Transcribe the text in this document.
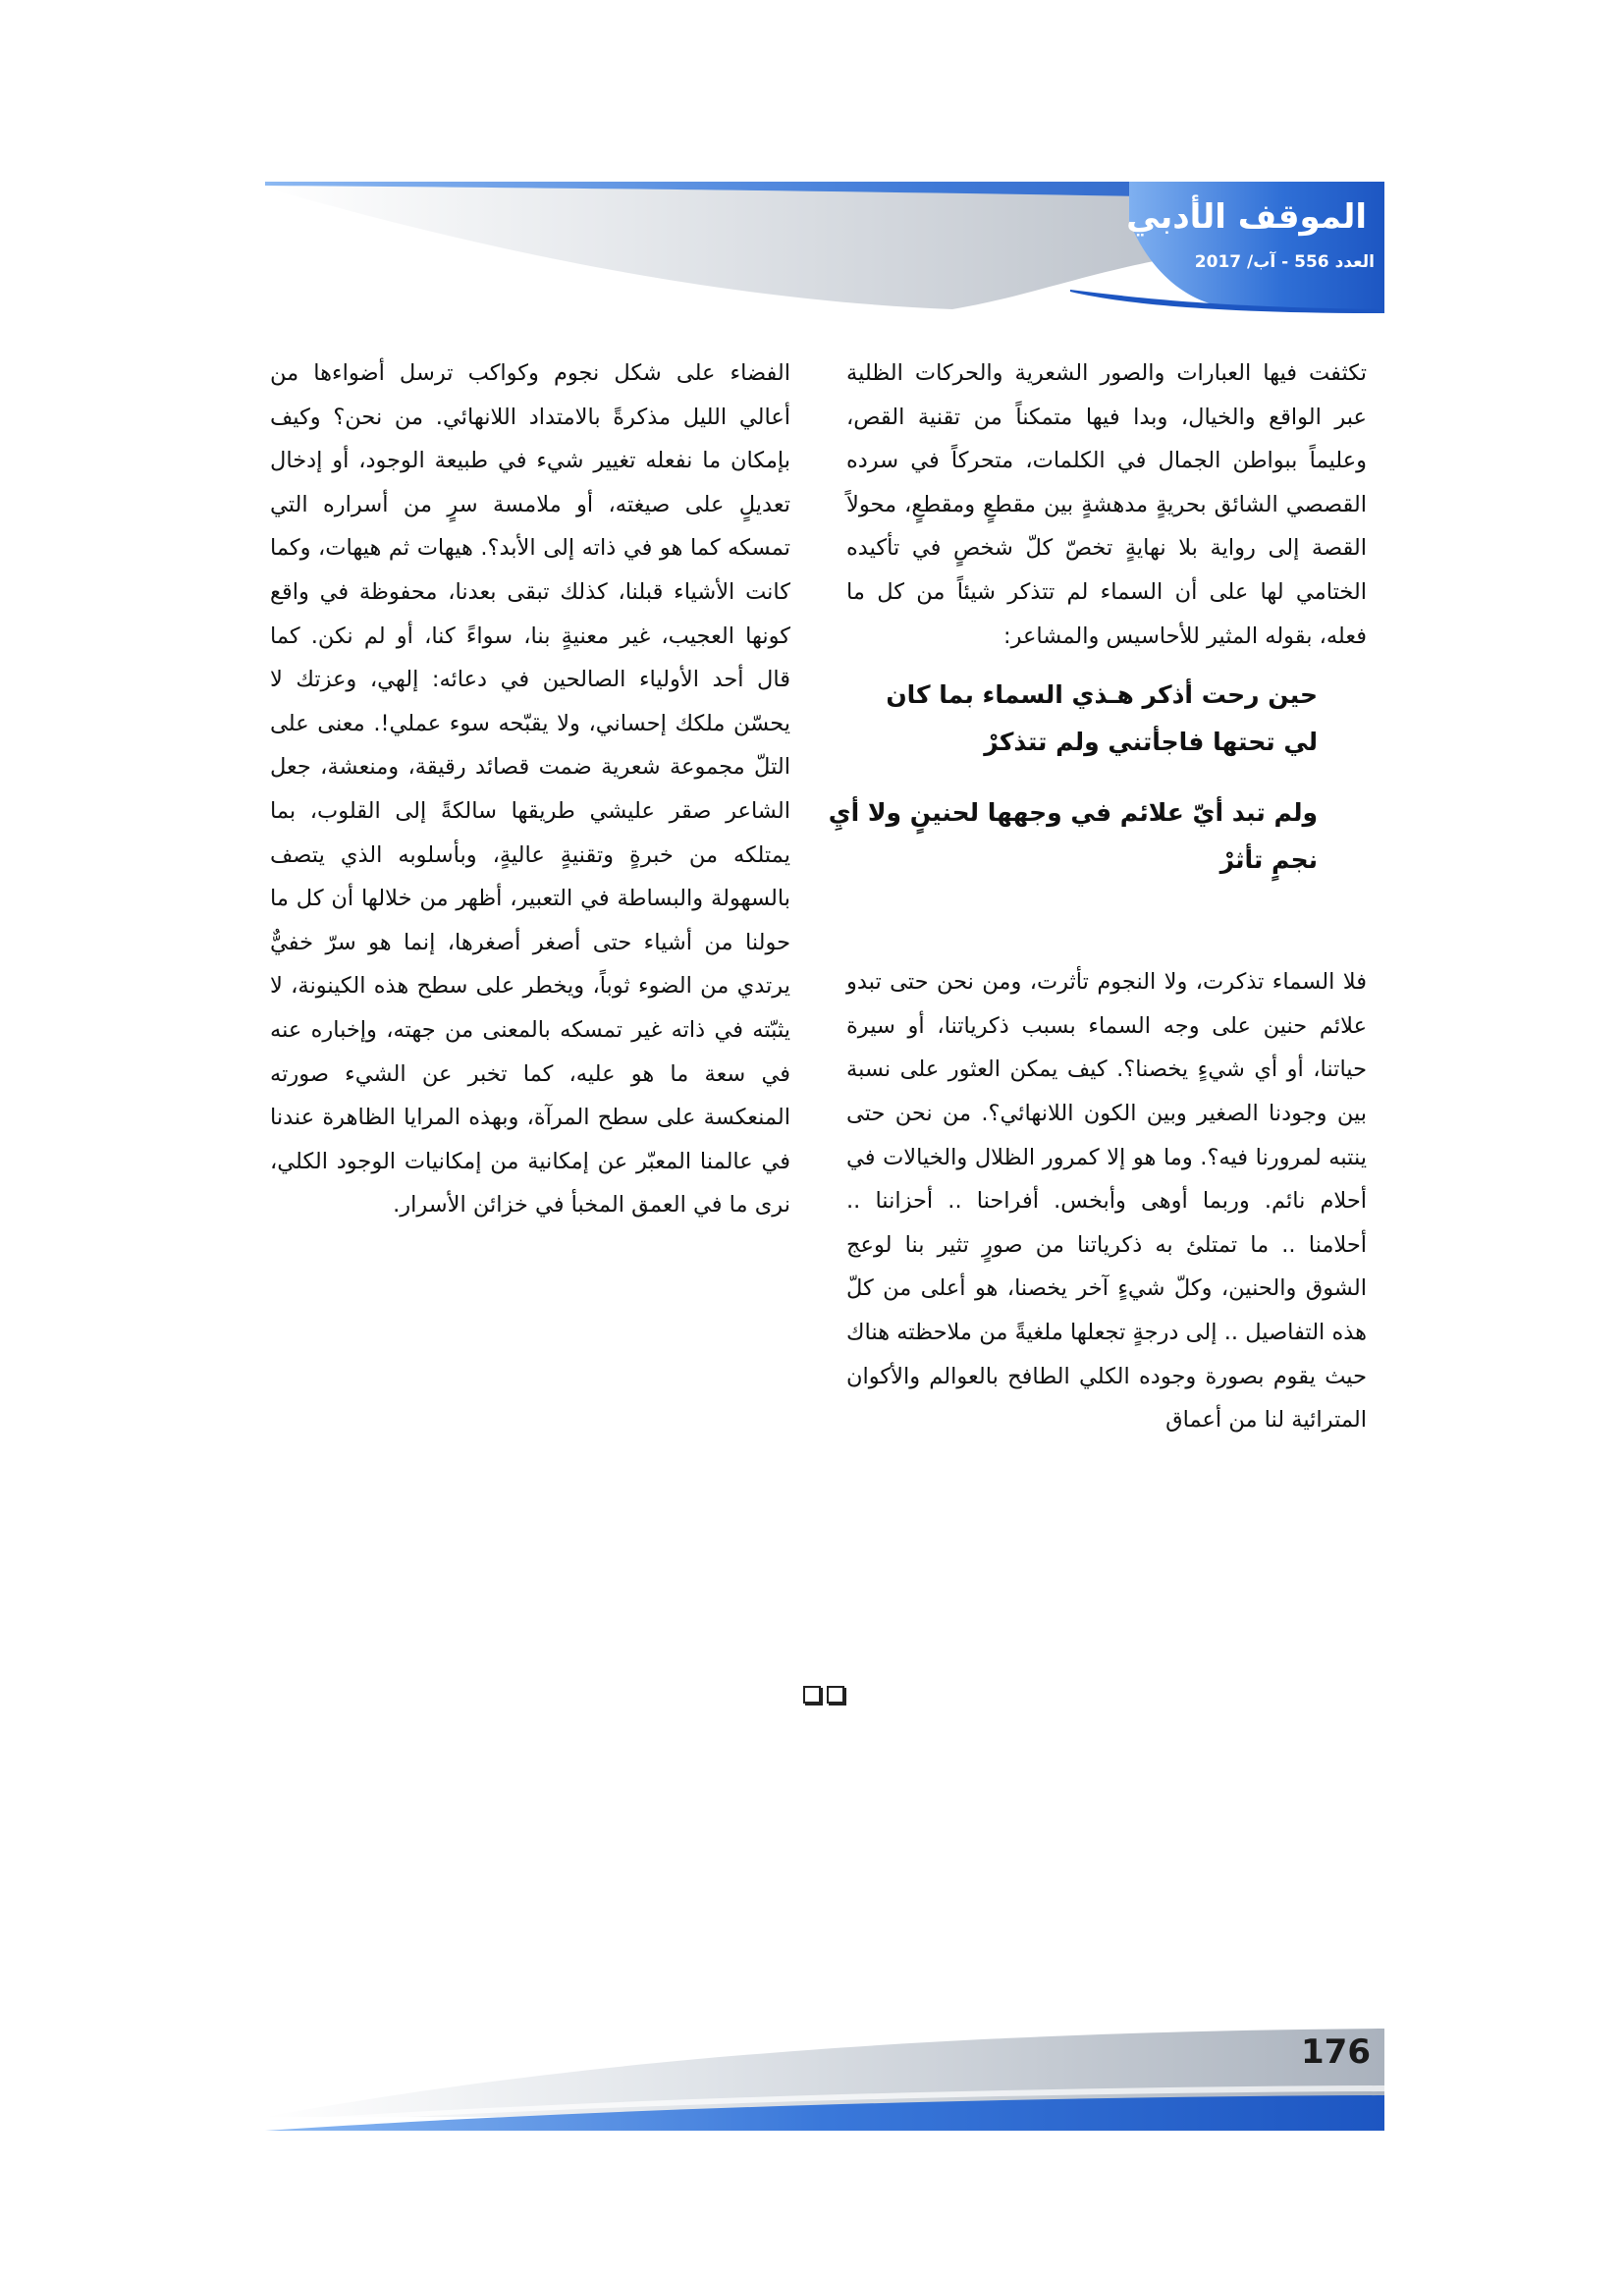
الموقف الأدبي
العدد556- آب/ 2017

تكثفت فيها العبارات والصور الشعرية والحركات الظلية عبر الواقع والخيال، وبدا فيها متمكناً من تقنية القص، وعليماً ببواطن الجمال في الكلمات، متحركاً في سرده القصصي الشائق بحريةٍ مدهشةٍ بين مقطعٍ ومقطعٍ، محولاً القصة إلى رواية بلا نهايةٍ تخصّ كلّ شخصٍ في تأكيده الختامي لها على أن السماء لم تتذكر شيئاً من كل ما فعله، بقوله المثير للأحاسيس والمشاعر:

حين رحت أذكر هـذي السماء بما كان
لي تحتها فاجأتني ولم تتذكرْ
ولم تبد أيّ علائم في وجهها لحنينٍ ولا أيِ
نجمٍ تأثرْ

فلا السماء تذكرت، ولا النجوم تأثرت، ومن نحن حتى تبدو علائم حنين على وجه السماء بسبب ذكرياتنا، أو سيرة حياتنا، أو أي شيءٍ يخصنا؟. كيف يمكن العثور على نسبة بين وجودنا الصغير وبين الكون اللانهائي؟. من نحن حتى ينتبه لمرورنا فيه؟. وما هو إلا كمرور الظلال والخيالات في أحلام نائم. وربما أوهى وأبخس. أفراحنا .. أحزاننا .. أحلامنا .. ما تمتلئ به ذكرياتنا من صورٍ تثير بنا لوعج الشوق والحنين، وكلّ شيءٍ آخر يخصنا، هو أعلى من كلّ هذه التفاصيل .. إلى درجةٍ تجعلها ملغيةً من ملاحظته هناك حيث يقوم بصورة وجوده الكلي الطافح بالعوالم والأكوان المترائية لنا من أعماق

الفضاء على شكل نجوم وكواكب ترسل أضواءها من أعالي الليل مذكرةً بالامتداد اللانهائي. من نحن؟ وكيف بإمكان ما نفعله تغيير شيء في طبيعة الوجود، أو إدخال تعديلٍ على صيغته، أو ملامسة سرٍ من أسراره التي تمسكه كما هو في ذاته إلى الأبد؟. هيهات ثم هيهات، وكما كانت الأشياء قبلنا، كذلك تبقى بعدنا، محفوظة في واقع كونها العجيب، غير معنيةٍ بنا، سواءً كنا، أو لم نكن. كما قال أحد الأولياء الصالحين في دعائه: إلهي، وعزتك لا يحسّن ملكك إحساني، ولا يقبّحه سوء عملي!. معنى على التلّ مجموعة شعرية ضمت قصائد رقيقة، ومنعشة، جعل الشاعر صقر عليشي طريقها سالكةً إلى القلوب، بما يمتلكه من خبرةٍ وتقنيةٍ عاليةٍ، وبأسلوبه الذي يتصف بالسهولة والبساطة في التعبير، أظهر من خلالها أن كل ما حولنا من أشياء حتى أصغر أصغرها، إنما هو سرّ خفيٌّ يرتدي من الضوء ثوباً، ويخطر على سطح هذه الكينونة، لا يثبّته في ذاته غير تمسكه بالمعنى من جهته، وإخباره عنه في سعة ما هو عليه، كما تخبر عن الشيء صورته المنعكسة على سطح المرآة، وبهذه المرايا الظاهرة عندنا في عالمنا المعبّر عن إمكانية من إمكانيات الوجود الكلي، نرى ما في العمق المخبأ في خزائن الأسرار.

176
